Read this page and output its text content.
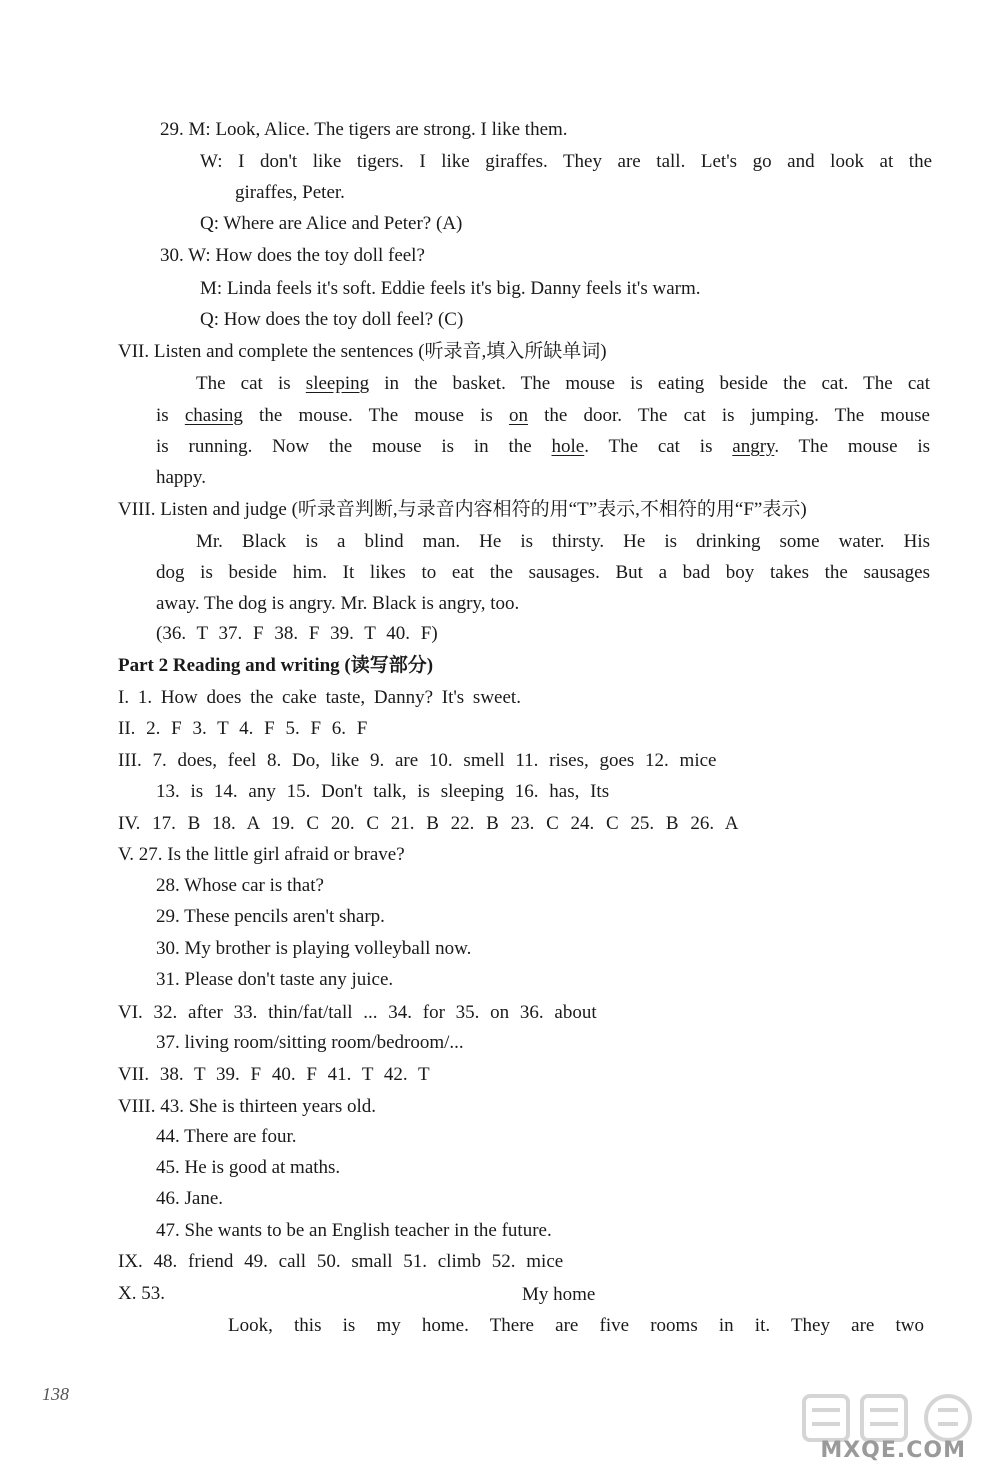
29. M: Look, Alice. The tigers are strong. I like them.
W: I don't like tigers. I like giraffes. They are tall. Let's go and look at the
giraffes, Peter.
Q: Where are Alice and Peter? (A)
30. W: How does the toy doll feel?
M: Linda feels it's soft. Eddie feels it's big. Danny feels it's warm.
Q: How does the toy doll feel? (C)
VII. Listen and complete the sentences (听录音,填入所缺单词)
The cat is sleeping in the basket. The mouse is eating beside the cat. The cat
is chasing the mouse. The mouse is on the door. The cat is jumping. The mouse
is running. Now the mouse is in the hole. The cat is angry. The mouse is
happy.
VIII. Listen and judge (听录音判断,与录音内容相符的用“T”表示,不相符的用“F”表示)
Mr. Black is a blind man. He is thirsty. He is drinking some water. His
dog is beside him. It likes to eat the sausages. But a bad boy takes the sausages
away. The dog is angry. Mr. Black is angry, too.
(36. T 37. F 38. F 39. T 40. F)
Part 2 Reading and writing (读写部分)
I. 1. How does the cake taste, Danny? It's sweet.
II. 2. F 3. T 4. F 5. F 6. F
III. 7. does, feel 8. Do, like 9. are 10. smell 11. rises, goes 12. mice
13. is 14. any 15. Don't talk, is sleeping 16. has, Its
IV. 17. B 18. A 19. C 20. C 21. B 22. B 23. C 24. C 25. B 26. A
V. 27. Is the little girl afraid or brave?
28. Whose car is that?
29. These pencils aren't sharp.
30. My brother is playing volleyball now.
31. Please don't taste any juice.
VI. 32. after 33. thin/fat/tall ... 34. for 35. on 36. about
37. living room/sitting room/bedroom/...
VII. 38. T 39. F 40. F 41. T 42. T
VIII. 43. She is thirteen years old.
44. There are four.
45. He is good at maths.
46. Jane.
47. She wants to be an English teacher in the future.
IX. 48. friend 49. call 50. small 51. climb 52. mice
X. 53.	My home
Look, this is my home. There are five rooms in it. They are two
138
MXQE.COM
